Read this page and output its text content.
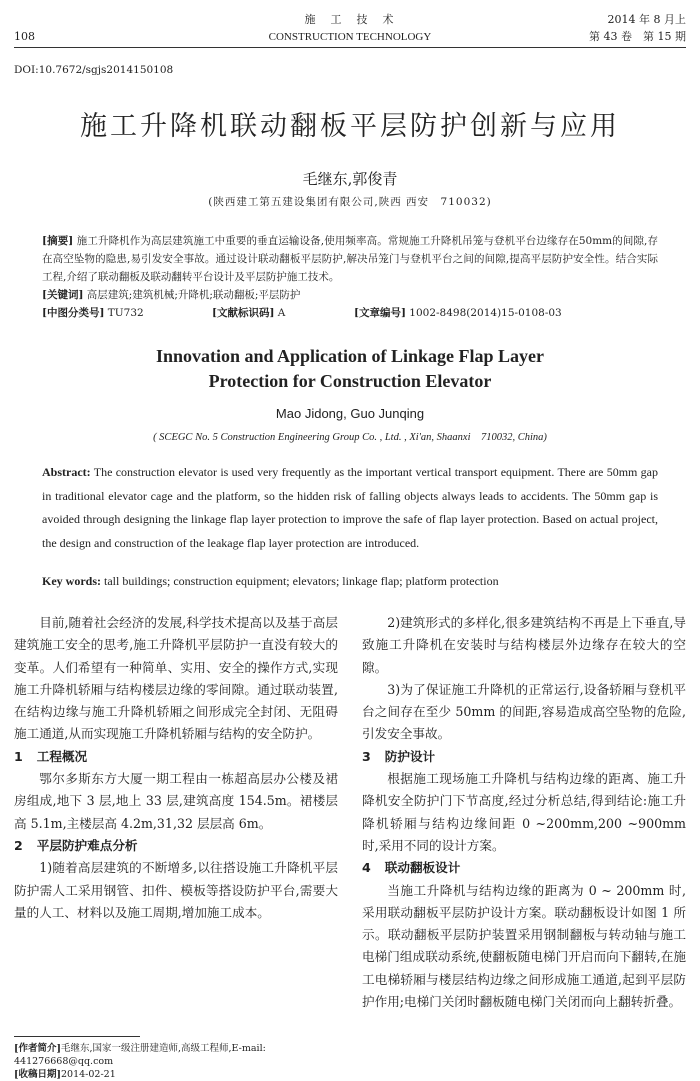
108
施　工　技　术
CONSTRUCTION TECHNOLOGY
2014 年 8 月上
第 43 卷　第 15 期
DOI:10.7672/sgjs2014150108
施工升降机联动翻板平层防护创新与应用
毛继东,郭俊青
(陕西建工第五建设集团有限公司,陕西 西安　710032)
[摘要] 施工升降机作为高层建筑施工中重要的垂直运输设备,使用频率高。常规施工升降机吊笼与登机平台边缘存在50mm的间隙,存在高空坠物的隐患,易引发安全事故。通过设计联动翻板平层防护,解决吊笼门与登机平台之间的间隙,提高平层防护安全性。结合实际工程,介绍了联动翻板及联动翻转平台设计及平层防护施工技术。
[关键词] 高层建筑;建筑机械;升降机;联动翻板;平层防护
[中图分类号] TU732	[文献标识码] A	[文章编号] 1002-8498(2014)15-0108-03
Innovation and Application of Linkage Flap Layer
Protection for Construction Elevator
Mao Jidong, Guo Junqing
( SCEGC No. 5 Construction Engineering Group Co. , Ltd. , Xi'an, Shaanxi　710032, China)
Abstract: The construction elevator is used very frequently as the important vertical transport equipment. There are 50mm gap in traditional elevator cage and the platform, so the hidden risk of falling objects always leads to accidents. The 50mm gap is avoided through designing the linkage flap layer protection to improve the safe of flap layer protection. Based on actual project, the design and construction of the leakage flap layer protection are introduced.
Key words: tall buildings; construction equipment; elevators; linkage flap; platform protection

目前,随着社会经济的发展,科学技术提高以及基于高层建筑施工安全的思考,施工升降机平层防护一直没有较大的变革。人们希望有一种简单、实用、安全的操作方式,实现施工升降机轿厢与结构楼层边缘的零间隙。通过联动装置,在结构边缘与施工升降机轿厢之间形成完全封闭、无阻碍施工通道,从而实现施工升降机轿厢与结构的安全防护。

1 工程概况

鄂尔多斯东方大厦一期工程由一栋超高层办公楼及裙房组成,地下 3 层,地上 33 层,建筑高度 154.5m。裙楼层高 5.1m,主楼层高 4.2m,31,32 层层高 6m。

2 平层防护难点分析

1)随着高层建筑的不断增多,以往搭设施工升降机平层防护需人工采用钢管、扣件、模板等搭设防护平台,需要大量的人工、材料以及施工周期,增加施工成本。

[作者简介]毛继东,国家一级注册建造师,高级工程师,E-mail:
441276668@qq.com
[收稿日期]2014-02-21

2)建筑形式的多样化,很多建筑结构不再是上下垂直,导致施工升降机在安装时与结构楼层外边缘存在较大的空隙。

3)为了保证施工升降机的正常运行,设备轿厢与登机平台之间存在至少 50mm 的间距,容易造成高空坠物的危险,引发安全事故。

3 防护设计

根据施工现场施工升降机与结构边缘的距离、施工升降机安全防护门下节高度,经过分析总结,得到结论:施工升降机轿厢与结构边缘间距 0 ~200mm,200 ~900mm 时,采用不同的设计方案。

4 联动翻板设计

当施工升降机与结构边缘的距离为 0 ~ 200mm 时,采用联动翻板平层防护设计方案。联动翻板设计如图 1 所示。联动翻板平层防护装置采用钢制翻板与转动轴与施工电梯门组成联动系统,使翻板随电梯门开启而向下翻转,在施工电梯轿厢与楼层结构边缘之间形成施工通道,起到平层防护作用;电梯门关闭时翻板随电梯门关闭而向上翻转折叠。
